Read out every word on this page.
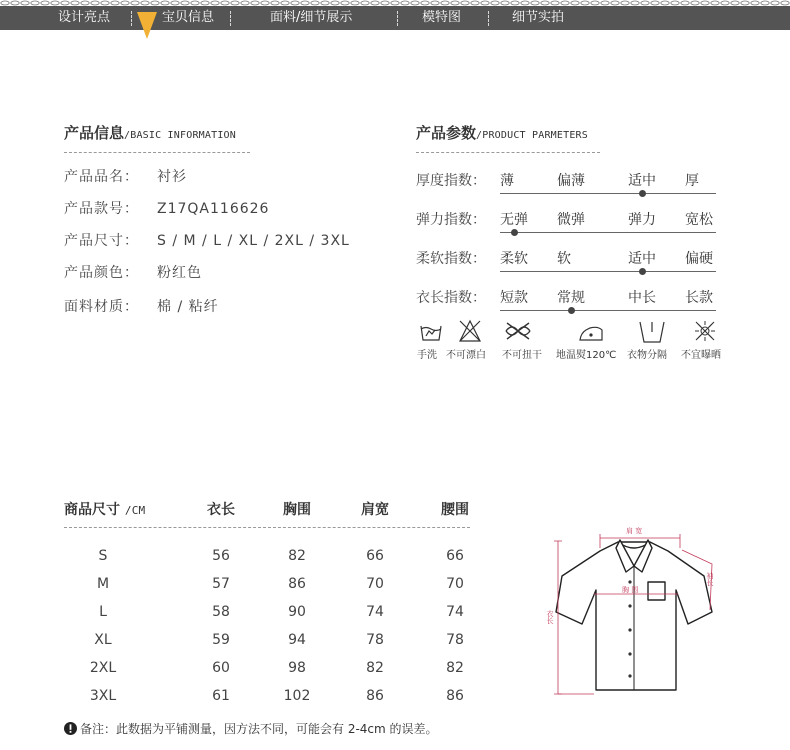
设计亮点	宝贝信息	面料/细节展示	模特图	细节实拍
产品信息/BASIC INFORMATION
产品品名： 衬衫
产品款号： Z17QA116626
产品尺寸： S / M / L / XL / 2XL / 3XL
产品颜色： 粉红色
面料材质： 棉 / 粘纤
产品参数/PRODUCT PARMETERS
厚度指数： 薄	偏薄	适中 厚
弹力指数： 无弹 微弹	弹力 宽松
柔软指数： 柔软 软	适中 偏硬
衣长指数： 短款 常规	中长 长款
手洗 不可漂白 不可扭干 地温熨120℃ 衣物分隔 不宜曝晒
商品尺寸 /CM	衣长	胸围	肩宽	腰围
S	56	82	66	66
M	57	86	70	70
L	58	90	74	74
XL	59	94	78	78
2XL	60	98	82	82
3XL	61	102	86	86
备注：此数据为平铺测量，因方法不同，可能会有 2-4cm 的误差。
肩 宽
胸 围
衣长
袖长
